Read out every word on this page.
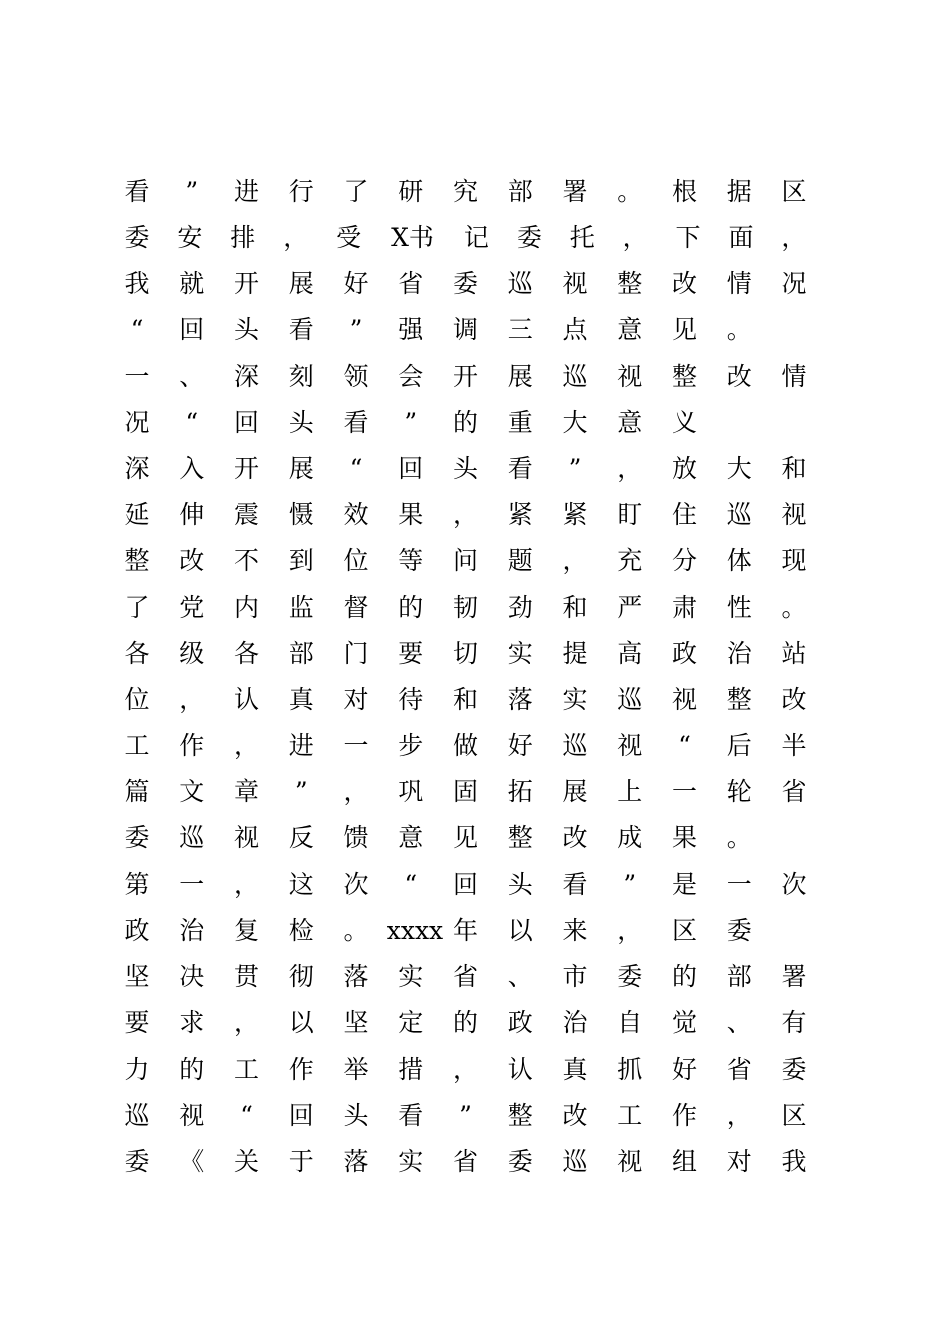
看	”	进	行	了	研	究	部	署	。	根	据	区
委	安	排	，	受	X书	记	委	托	，	下	面	，
我	就	开	展	好	省	委	巡	视	整	改	情	况
“	回	头	看	”	强	调	三	点	意	见	。
一	、	深	刻	领	会	开	展	巡	视	整	改	情
况	“	回	头	看	”	的	重	大	意	义
深	入	开	展	“	回	头	看	”	，	放	大	和
延	伸	震	慑	效	果	，	紧	紧	盯	住	巡	视
整	改	不	到	位	等	问	题	，	充	分	体	现
了	党	内	监	督	的	韧	劲	和	严	肃	性	。
各	级	各	部	门	要	切	实	提	高	政	治	站
位	，	认	真	对	待	和	落	实	巡	视	整	改
工	作	，	进	一	步	做	好	巡	视	“	后	半
篇	文	章	”	，	巩	固	拓	展	上	一	轮	省
委	巡	视	反	馈	意	见	整	改	成	果	。
第	一	，	这	次	“	回	头	看	”	是	一	次
政	治	复	检	。 xxxx 年	以	来	，	区	委
坚	决	贯	彻	落	实	省	、	市	委	的	部	署
要	求	，	以	坚	定	的	政	治	自	觉	、	有
力	的	工	作	举	措	，	认	真	抓	好	省	委
巡	视	“	回	头	看	”	整	改	工	作	，	区
委	《	关	于	落	实	省	委	巡	视	组	对	我
